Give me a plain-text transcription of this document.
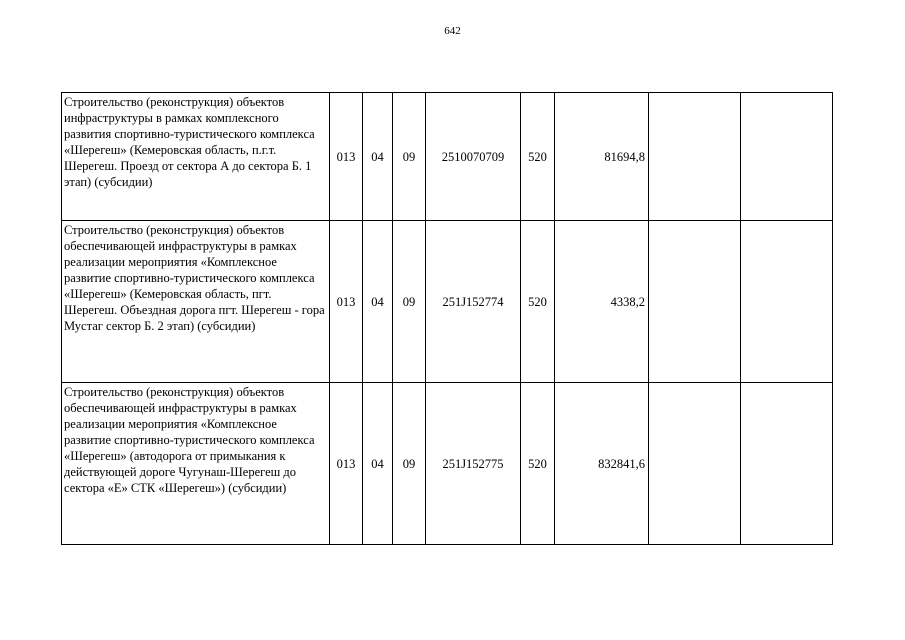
642
Строительство (реконструкция) объектов инфраструктуры в рамках комплексного развития спортивно-туристического комплекса «Шерегеш» (Кемеровская область, п.г.т. Шерегеш. Проезд от сектора А до сектора Б. 1 этап) (субсидии)	013	04	09	2510070709	520	81694,8		
Строительство (реконструкция) объектов обеспечивающей инфраструктуры в рамках реализации мероприятия «Комплексное развитие спортивно-туристического комплекса «Шерегеш» (Кемеровская область, пгт. Шерегеш. Объездная дорога пгт. Шерегеш - гора Мустаг сектор Б. 2 этап) (субсидии)	013	04	09	251J152774	520	4338,2		
Строительство (реконструкция) объектов обеспечивающей инфраструктуры в рамках реализации мероприятия «Комплексное развитие спортивно-туристического комплекса «Шерегеш» (автодорога от примыкания к действующей дороге Чугунаш-Шерегеш до сектора «Е» СТК «Шерегеш») (субсидии)	013	04	09	251J152775	520	832841,6		
